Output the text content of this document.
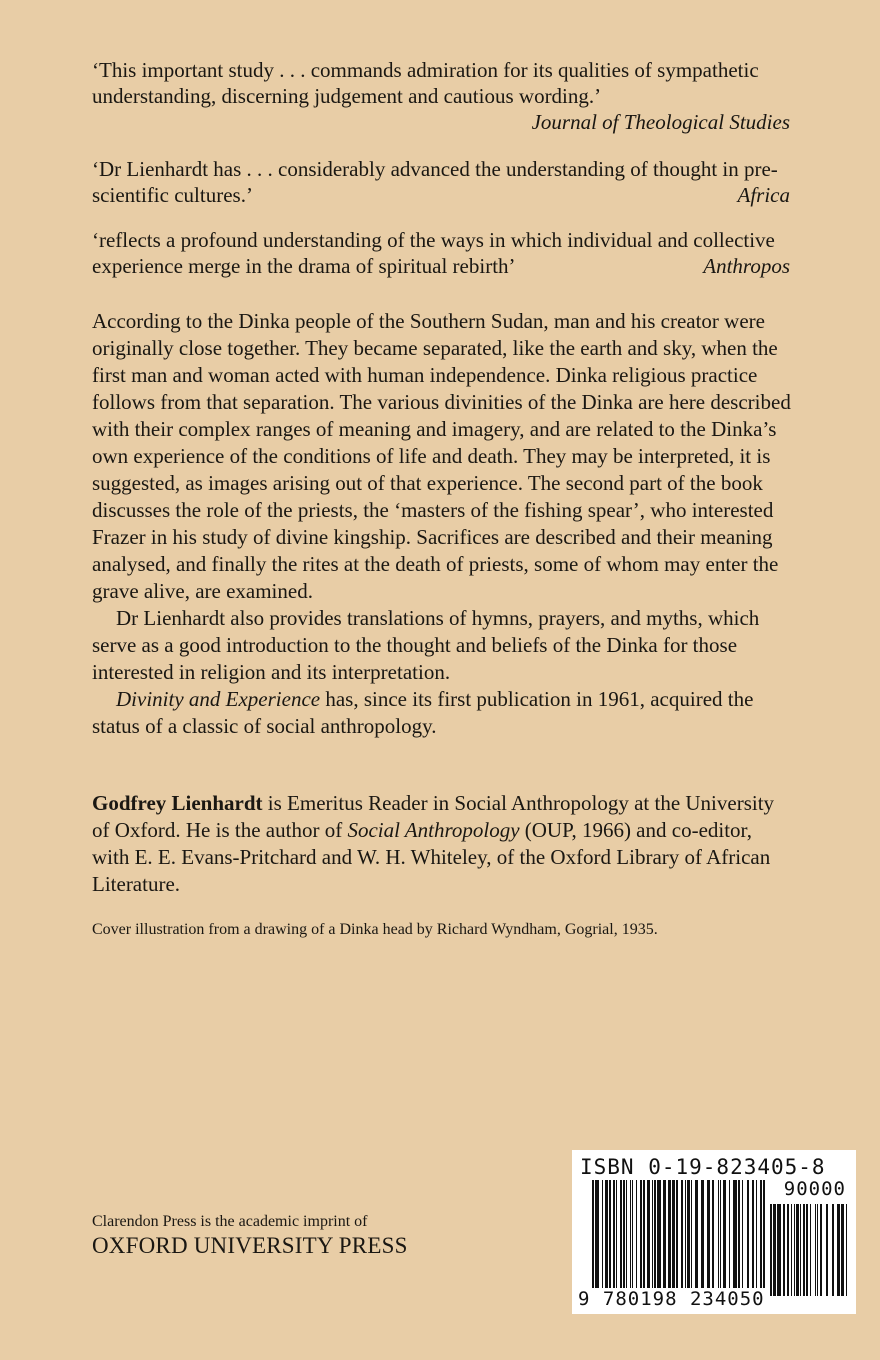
‘This important study . . . commands admiration for its qualities of sympathetic understanding, discerning judgement and cautious wording.’
Journal of Theological Studies
‘Dr Lienhardt has . . . considerably advanced the understanding of thought in pre-scientific cultures.’	Africa
‘reflects a profound understanding of the ways in which individual and collective experience merge in the drama of spiritual rebirth’	Anthropos

According to the Dinka people of the Southern Sudan, man and his creator were originally close together. They became separated, like the earth and sky, when the first man and woman acted with human independence. Dinka religious practice follows from that separation. The various divinities of the Dinka are here described with their complex ranges of meaning and imagery, and are related to the Dinka’s own experience of the conditions of life and death. They may be interpreted, it is suggested, as images arising out of that experience. The second part of the book discusses the role of the priests, the ‘masters of the fishing spear’, who interested Frazer in his study of divine kingship. Sacrifices are described and their meaning analysed, and finally the rites at the death of priests, some of whom may enter the grave alive, are examined.

Dr Lienhardt also provides translations of hymns, prayers, and myths, which serve as a good introduction to the thought and beliefs of the Dinka for those interested in religion and its interpretation.

Divinity and Experience has, since its first publication in 1961, acquired the status of a classic of social anthropology.

Godfrey Lienhardt is Emeritus Reader in Social Anthropology at the University of Oxford. He is the author of Social Anthropology (OUP, 1966) and co-editor, with E. E. Evans-Pritchard and W. H. Whiteley, of the Oxford Library of African Literature.
Cover illustration from a drawing of a Dinka head by Richard Wyndham, Gogrial, 1935.
Clarendon Press is the academic imprint of
OXFORD UNIVERSITY PRESS
ISBN 0-19-823405-8
90000
9 780198 234050
